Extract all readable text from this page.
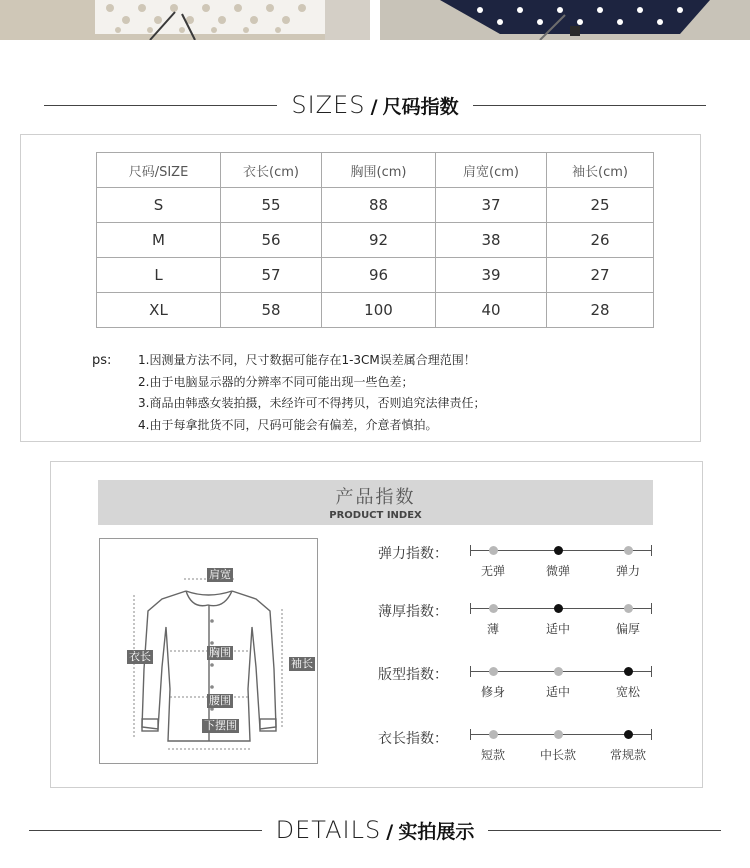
SIZES / 尺码指数
尺码/SIZE	衣长(cm)	胸围(cm)	肩宽(cm)	袖长(cm)
S	55	88	37	25
M	56	92	38	26
L	57	96	39	27
XL	58	100	40	28
ps: 1.因测量方法不同，尺寸数据可能存在1-3CM误差属合理范围！
2.由于电脑显示器的分辨率不同可能出现一些色差；
3.商品由韩惑女装拍摄，未经许可不得拷贝，否则追究法律责任；
4.由于每拿批货不同，尺码可能会有偏差，介意者慎拍。
产品指数
PRODUCT INDEX
肩宽
衣长	胸围
袖长
腰围
下摆围
弹力指数：
薄厚指数：
版型指数：
衣长指数：
无弹	微弹	弹力
薄	适中	偏厚
修身	适中	宽松
短款	中长款	常规款
DETAILS / 实拍展示
